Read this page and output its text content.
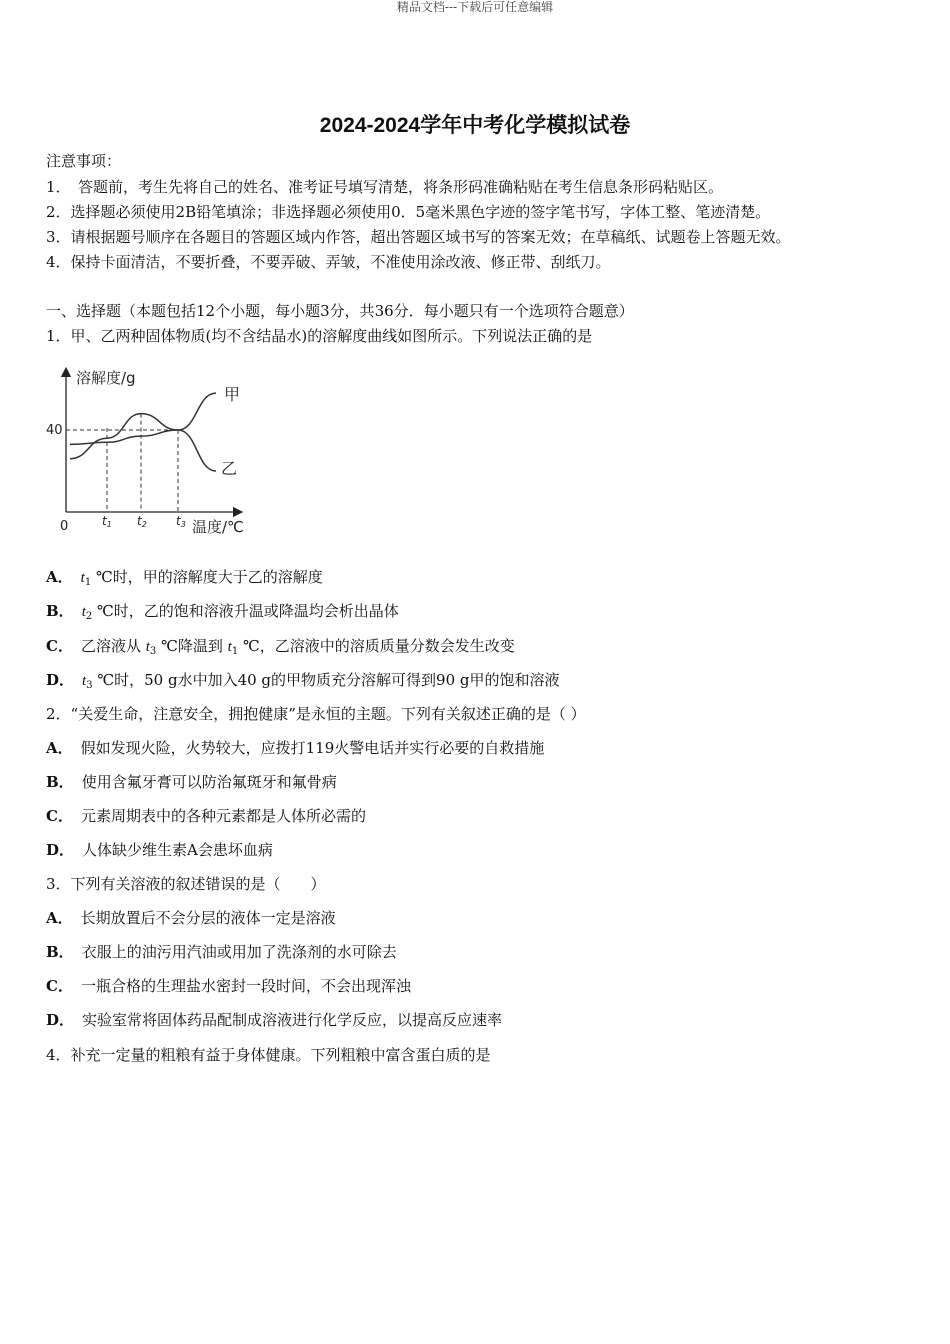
精品文档---下载后可任意编辑
2024-2024学年中考化学模拟试卷
注意事项：
1．　答题前，考生先将自己的姓名、准考证号填写清楚，将条形码准确粘贴在考生信息条形码粘贴区。
2．选择题必须使用2B铅笔填涂；非选择题必须使用0．5毫米黑色字迹的签字笔书写，字体工整、笔迹清楚。
3．请根据题号顺序在各题目的答题区域内作答，超出答题区域书写的答案无效；在草稿纸、试题卷上答题无效。
4．保持卡面清洁，不要折叠，不要弄破、弄皱，不准使用涂改液、修正带、刮纸刀。
一、选择题（本题包括12个小题，每小题3分，共36分．每小题只有一个选项符合题意）
1．甲、乙两种固体物质(均不含结晶水)的溶解度曲线如图所示。下列说法正确的是
溶解度/g
温度/℃
0
40
t1 t2 t3
甲
乙
A． $t_1$ ℃时，甲的溶解度大于乙的溶解度
B． $t_2$ ℃时，乙的饱和溶液升温或降温均会析出晶体
C． 乙溶液从 $t_3$ ℃降温到 $t_1$ ℃，乙溶液中的溶质质量分数会发生改变
D． $t_3$ ℃时，50 g水中加入40 g的甲物质充分溶解可得到90 g甲的饱和溶液
2．“关爱生命，注意安全，拥抱健康”是永恒的主题。下列有关叙述正确的是（ ）
A． 假如发现火险，火势较大，应拨打119火警电话并实行必要的自救措施
B． 使用含氟牙膏可以防治氟斑牙和氟骨病
C． 元素周期表中的各种元素都是人体所必需的
D． 人体缺少维生素A会患坏血病
3．下列有关溶液的叙述错误的是（　　）
A． 长期放置后不会分层的液体一定是溶液
B． 衣服上的油污用汽油或用加了洗涤剂的水可除去
C． 一瓶合格的生理盐水密封一段时间，不会出现浑浊
D． 实验室常将固体药品配制成溶液进行化学反应，以提高反应速率
4．补充一定量的粗粮有益于身体健康。下列粗粮中富含蛋白质的是
